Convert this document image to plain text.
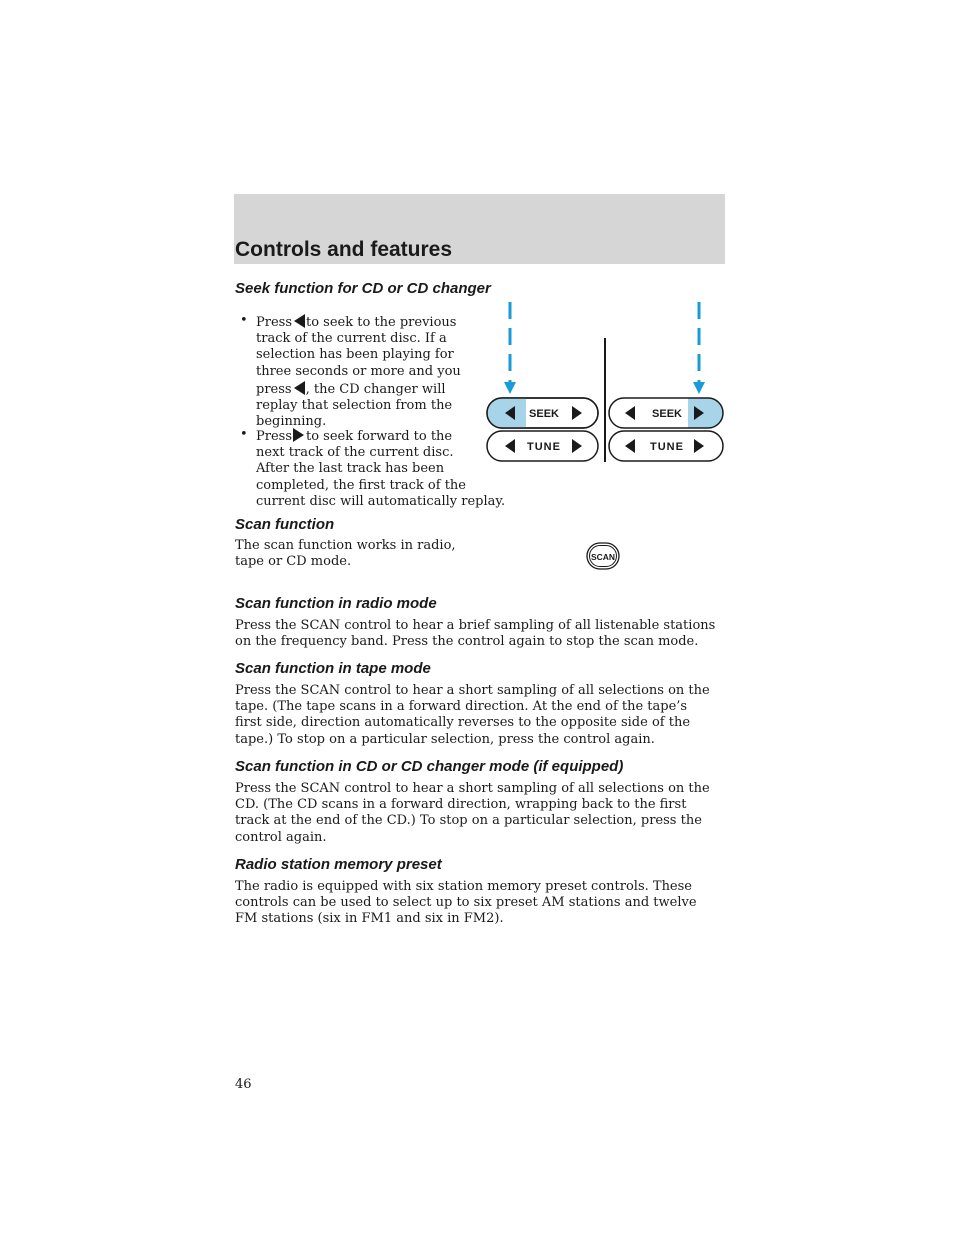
Controls and features
Seek function for CD or CD changer
• Press to seek to the previous
track of the current disc. If a
selection has been playing for
three seconds or more and you
press , the CD changer will
replay that selection from the
beginning.
• Press to seek forward to the
next track of the current disc.
After the last track has been
completed, the first track of the
current disc will automatically replay.
SEEK
TUNE
SEEK
TUNE
Scan function
The scan function works in radio,
tape or CD mode.	SCAN
Scan function in radio mode
Press the SCAN control to hear a brief sampling of all listenable stations
on the frequency band. Press the control again to stop the scan mode.
Scan function in tape mode
Press the SCAN control to hear a short sampling of all selections on the
tape. (The tape scans in a forward direction. At the end of the tape’s
first side, direction automatically reverses to the opposite side of the
tape.) To stop on a particular selection, press the control again.
Scan function in CD or CD changer mode (if equipped)
Press the SCAN control to hear a short sampling of all selections on the
CD. (The CD scans in a forward direction, wrapping back to the first
track at the end of the CD.) To stop on a particular selection, press the
control again.
Radio station memory preset
The radio is equipped with six station memory preset controls. These
controls can be used to select up to six preset AM stations and twelve
FM stations (six in FM1 and six in FM2).
46
